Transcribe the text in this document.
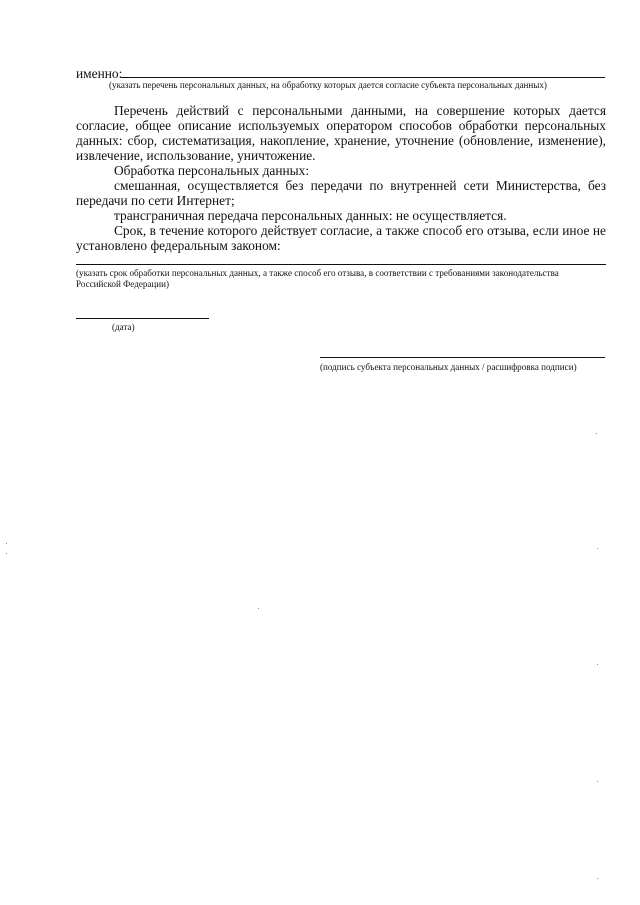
именно:
(указать перечень персональных данных, на обработку которых дается согласие субъекта персональных данных)
Перечень действий с персональными данными, на совершение которых дается
согласие, общее описание используемых оператором способов обработки персональных
данных: сбор, систематизация, накопление, хранение, уточнение (обновление, изменение),
извлечение, использование, уничтожение.
Обработка персональных данных:
смешанная, осуществляется без передачи по внутренней сети Министерства, без
передачи по сети Интернет;
трансграничная передача персональных данных: не осуществляется.
Срок, в течение которого действует согласие, а также способ его отзыва, если иное не
установлено федеральным законом:
(указать срок обработки персональных данных, а также способ его отзыва, в соответствии с требованиями законодательства
Российской Федерации)
(дата)
(подпись субъекта персональных данных / расшифровка подписи)
